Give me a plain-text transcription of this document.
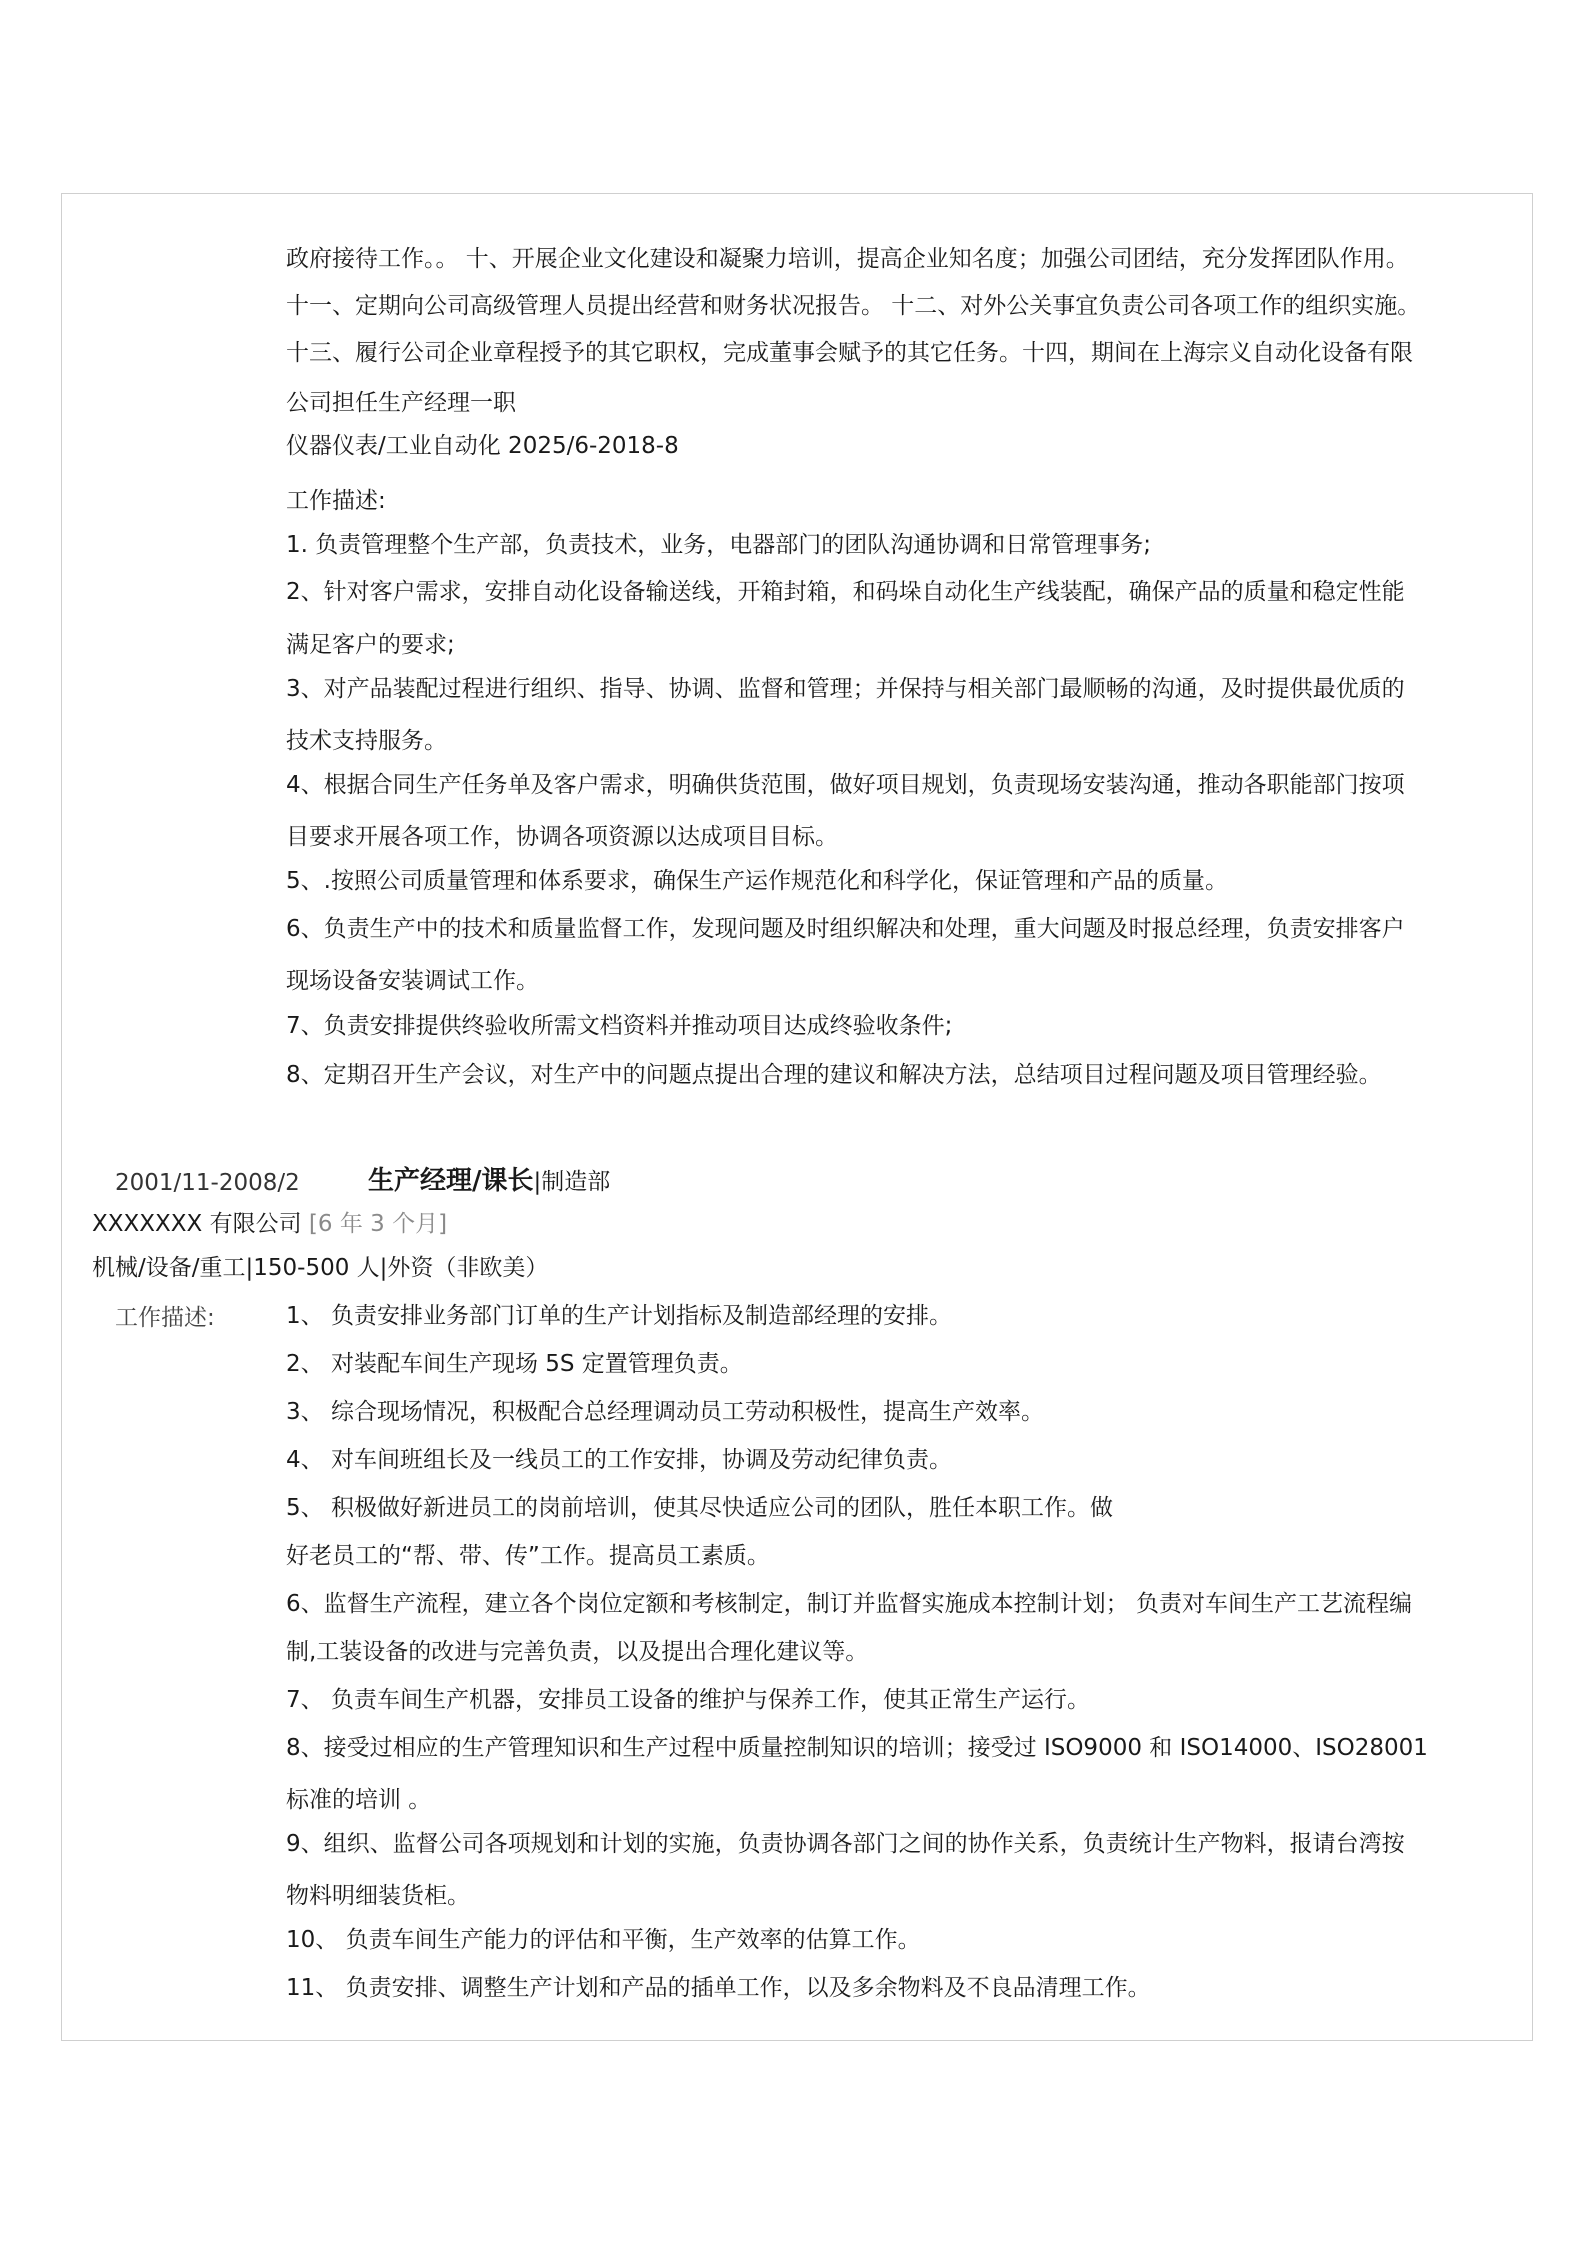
政府接待工作。。 十、开展企业文化建设和凝聚力培训，提高企业知名度；加强公司团结，充分发挥团队作用。
十一、定期向公司高级管理人员提出经营和财务状况报告。 十二、对外公关事宜负责公司各项工作的组织实施。
十三、履行公司企业章程授予的其它职权，完成董事会赋予的其它任务。十四，期间在上海宗义自动化设备有限
公司担任生产经理一职
仪器仪表/工业自动化 2025/6-2018-8
工作描述:
1. 负责管理整个生产部，负责技术，业务，电器部门的团队沟通协调和日常管理事务;
2、针对客户需求，安排自动化设备输送线，开箱封箱，和码垛自动化生产线装配，确保产品的质量和稳定性能
满足客户的要求;
3、对产品装配过程进行组织、指导、协调、监督和管理；并保持与相关部门最顺畅的沟通，及时提供最优质的
技术支持服务。
4、根据合同生产任务单及客户需求，明确供货范围，做好项目规划，负责现场安装沟通，推动各职能部门按项
目要求开展各项工作，协调各项资源以达成项目目标。
5、.按照公司质量管理和体系要求，确保生产运作规范化和科学化，保证管理和产品的质量。
6、负责生产中的技术和质量监督工作，发现问题及时组织解决和处理，重大问题及时报总经理，负责安排客户
现场设备安装调试工作。
7、负责安排提供终验收所需文档资料并推动项目达成终验收条件;
8、定期召开生产会议，对生产中的问题点提出合理的建议和解决方法，总结项目过程问题及项目管理经验。
2001/11-2008/2	生产经理/课长|制造部
XXXXXXX 有限公司 [6 年 3 个月]
机械/设备/重工|150-500 人|外资（非欧美）
工作描述:	1、 负责安排业务部门订单的生产计划指标及制造部经理的安排。
2、 对装配车间生产现场 5S 定置管理负责。
3、 综合现场情况，积极配合总经理调动员工劳动积极性，提高生产效率。
4、 对车间班组长及一线员工的工作安排，协调及劳动纪律负责。
5、 积极做好新进员工的岗前培训，使其尽快适应公司的团队，胜任本职工作。做
好老员工的“帮、带、传”工作。提高员工素质。
6、监督生产流程，建立各个岗位定额和考核制定，制订并监督实施成本控制计划； 负责对车间生产工艺流程编
制,工装设备的改进与完善负责，以及提出合理化建议等。
7、 负责车间生产机器，安排员工设备的维护与保养工作，使其正常生产运行。
8、接受过相应的生产管理知识和生产过程中质量控制知识的培训；接受过 ISO9000 和 ISO14000、ISO28001
标准的培训 。
9、组织、监督公司各项规划和计划的实施，负责协调各部门之间的协作关系，负责统计生产物料，报请台湾按
物料明细装货柜。
10、 负责车间生产能力的评估和平衡，生产效率的估算工作。
11、 负责安排、调整生产计划和产品的插单工作，以及多余物料及不良品清理工作。
